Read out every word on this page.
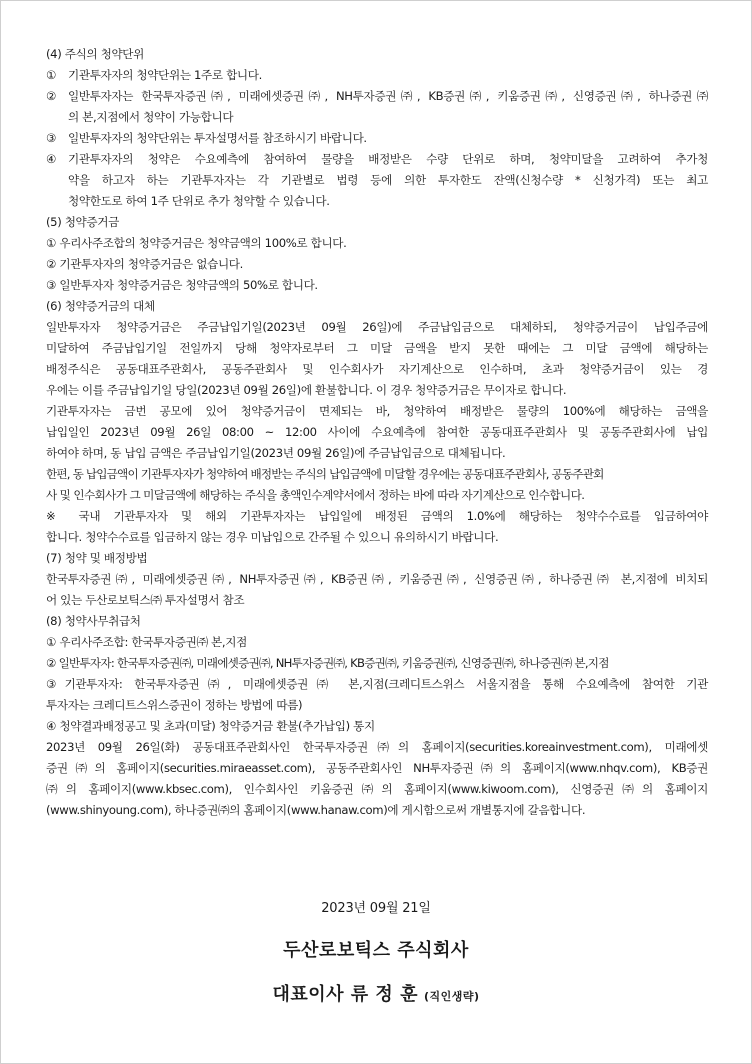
(4) 주식의 청약단위
① 기관투자자의 청약단위는 1주로 합니다.
② 일반투자자는 한국투자증권㈜, 미래에셋증권㈜, NH투자증권㈜, KB증권㈜, 키움증권㈜, 신영증권㈜, 하나증권㈜
의 본,지점에서 청약이 가능합니다
③ 일반투자자의 청약단위는 투자설명서를 참조하시기 바랍니다.
④ 기관투자자의 청약은 수요예측에 참여하여 물량을 배정받은 수량 단위로 하며, 청약미달을 고려하여 추가청
약을 하고자 하는 기관투자자는 각 기관별로 법령 등에 의한 투자한도 잔액(신청수량 * 신청가격) 또는 최고
청약한도로 하여 1주 단위로 추가 청약할 수 있습니다.
(5) 청약증거금
① 우리사주조합의 청약증거금은 청약금액의 100%로 합니다.
② 기관투자자의 청약증거금은 없습니다.
③ 일반투자자 청약증거금은 청약금액의 50%로 합니다.
(6) 청약증거금의 대체
일반투자자 청약증거금은 주금납입기일(2023년 09월 26일)에 주금납입금으로 대체하되, 청약증거금이 납입주금에
미달하여 주금납입기일 전일까지 당해 청약자로부터 그 미달 금액을 받지 못한 때에는 그 미달 금액에 해당하는
배정주식은 공동대표주관회사, 공동주관회사 및 인수회사가 자기계산으로 인수하며, 초과 청약증거금이 있는 경
우에는 이를 주금납입기일 당일(2023년 09월 26일)에 환불합니다. 이 경우 청약증거금은 무이자로 합니다.
기관투자자는 금번 공모에 있어 청약증거금이 면제되는 바, 청약하여 배정받은 물량의 100%에 해당하는 금액을
납입일인 2023년 09월 26일 08:00 ~ 12:00 사이에 수요예측에 참여한 공동대표주관회사 및 공동주관회사에 납입
하여야 하며, 동 납입 금액은 주금납입기일(2023년 09월 26일)에 주금납입금으로 대체됩니다.
한편, 동 납입금액이 기관투자자가 청약하여 배정받는 주식의 납입금액에 미달할 경우에는 공동대표주관회사, 공동주관회
사 및 인수회사가 그 미달금액에 해당하는 주식을 총액인수계약서에서 정하는 바에 따라 자기계산으로 인수합니다.
※ 국내 기관투자자 및 해외 기관투자자는 납입일에 배정된 금액의 1.0%에 해당하는 청약수수료를 입금하여야
합니다. 청약수수료를 입금하지 않는 경우 미납입으로 간주될 수 있으니 유의하시기 바랍니다.
(7) 청약 및 배정방법
한국투자증권㈜, 미래에셋증권㈜, NH투자증권㈜, KB증권㈜, 키움증권㈜, 신영증권㈜, 하나증권㈜ 본,지점에 비치되
어 있는 두산로보틱스㈜ 투자설명서 참조
(8) 청약사무취급처
① 우리사주조합: 한국투자증권㈜ 본,지점
② 일반투자자: 한국투자증권㈜, 미래에셋증권㈜, NH투자증권㈜, KB증권㈜, 키움증권㈜, 신영증권㈜, 하나증권㈜ 본,지점
③기관투자자: 한국투자증권㈜, 미래에셋증권㈜ 본,지점(크레디트스위스 서울지점을 통해 수요예측에 참여한 기관
투자자는 크레디트스위스증권이 정하는 방법에 따름)
④ 청약결과배정공고 및 초과(미달) 청약증거금 환불(추가납입) 통지
2023년 09월 26일(화) 공동대표주관회사인 한국투자증권㈜의 홈페이지(securities.koreainvestment.com), 미래에셋
증권㈜의 홈페이지(securities.miraeasset.com), 공동주관회사인 NH투자증권㈜의 홈페이지(www.nhqv.com), KB증권
㈜의 홈페이지(www.kbsec.com), 인수회사인 키움증권㈜의 홈페이지(www.kiwoom.com), 신영증권㈜의 홈페이지
(www.shinyoung.com), 하나증권㈜의 홈페이지(www.hanaw.com)에 게시함으로써 개별통지에 갈음합니다.
2023년 09월 21일
두산로보틱스 주식회사
대표이사 류 정 훈 (직인생략)
